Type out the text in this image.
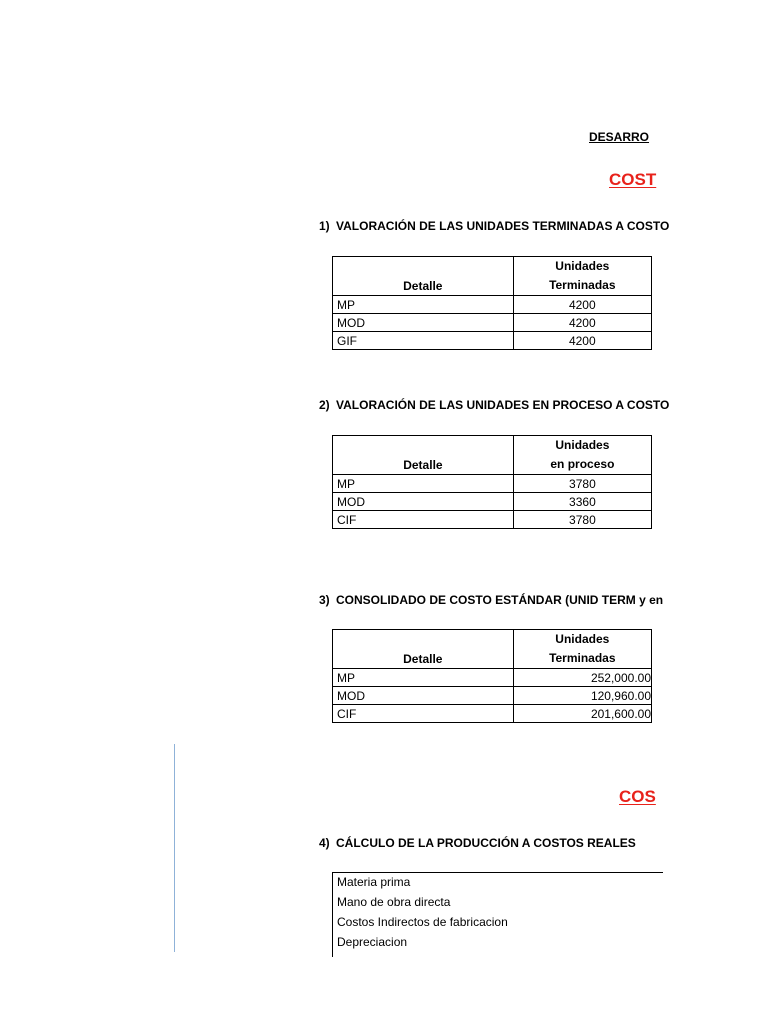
DESARRO
COST
1) VALORACIÓN DE LAS UNIDADES TERMINADAS A COSTO
Detalle	Unidades
Terminadas
MP	4200
MOD	4200
GIF	4200
2) VALORACIÓN DE LAS UNIDADES EN PROCESO A COSTO
Detalle	Unidades
en proceso
MP	3780
MOD	3360
CIF	3780
3) CONSOLIDADO DE COSTO ESTÁNDAR (UNID TERM y en
Detalle	Unidades
Terminadas
MP	252,000.00
MOD	120,960.00
CIF	201,600.00
COS
4) CÁLCULO DE LA PRODUCCIÓN A COSTOS REALES
Materia prima
Mano de obra directa
Costos Indirectos de fabricacion
Depreciacion
